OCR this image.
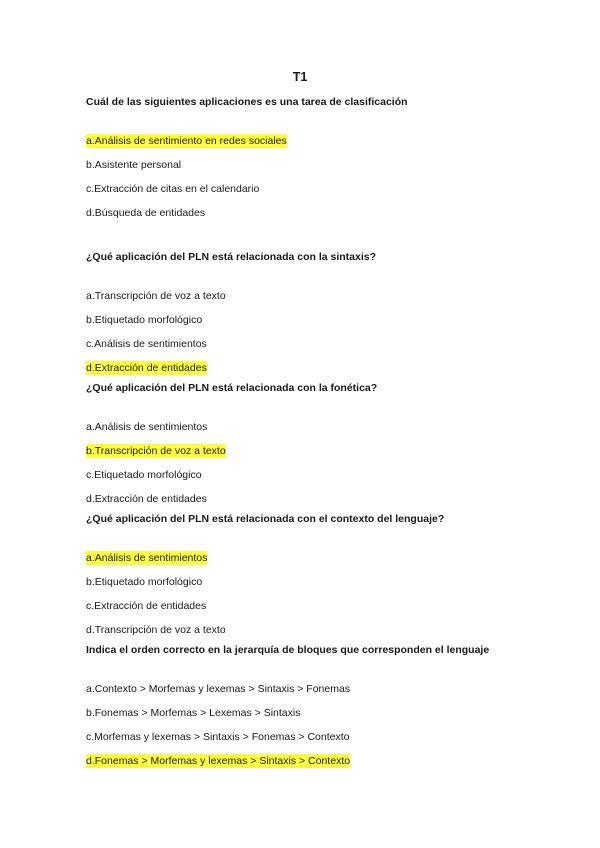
T1
Cuál de las siguientes aplicaciones es una tarea de clasificación
a.Análisis de sentimiento en redes sociales
b.Asistente personal
c.Extracción de citas en el calendario
d.Búsqueda de entidades
¿Qué aplicación del PLN está relacionada con la sintaxis?
a.Transcripción de voz a texto
b.Etiquetado morfológico
c.Análisis de sentimientos
d.Extracción de entidades
¿Qué aplicación del PLN está relacionada con la fonética?
a.Análisis de sentimientos
b.Transcripción de voz a texto
c.Etiquetado morfológico
d.Extracción de entidades
¿Qué aplicación del PLN está relacionada con el contexto del lenguaje?
a.Análisis de sentimientos
b.Etiquetado morfológico
c.Extracción de entidades
d.Transcripción de voz a texto
Indica el orden correcto en la jerarquía de bloques que corresponden el lenguaje
a.Contexto > Morfemas y lexemas > Sintaxis > Fonemas
b.Fonemas > Morfemas > Lexemas > Sintaxis
c.Morfemas y lexemas > Sintaxis > Fonemas > Contexto
d.Fonemas > Morfemas y lexemas > Sintaxis > Contexto
